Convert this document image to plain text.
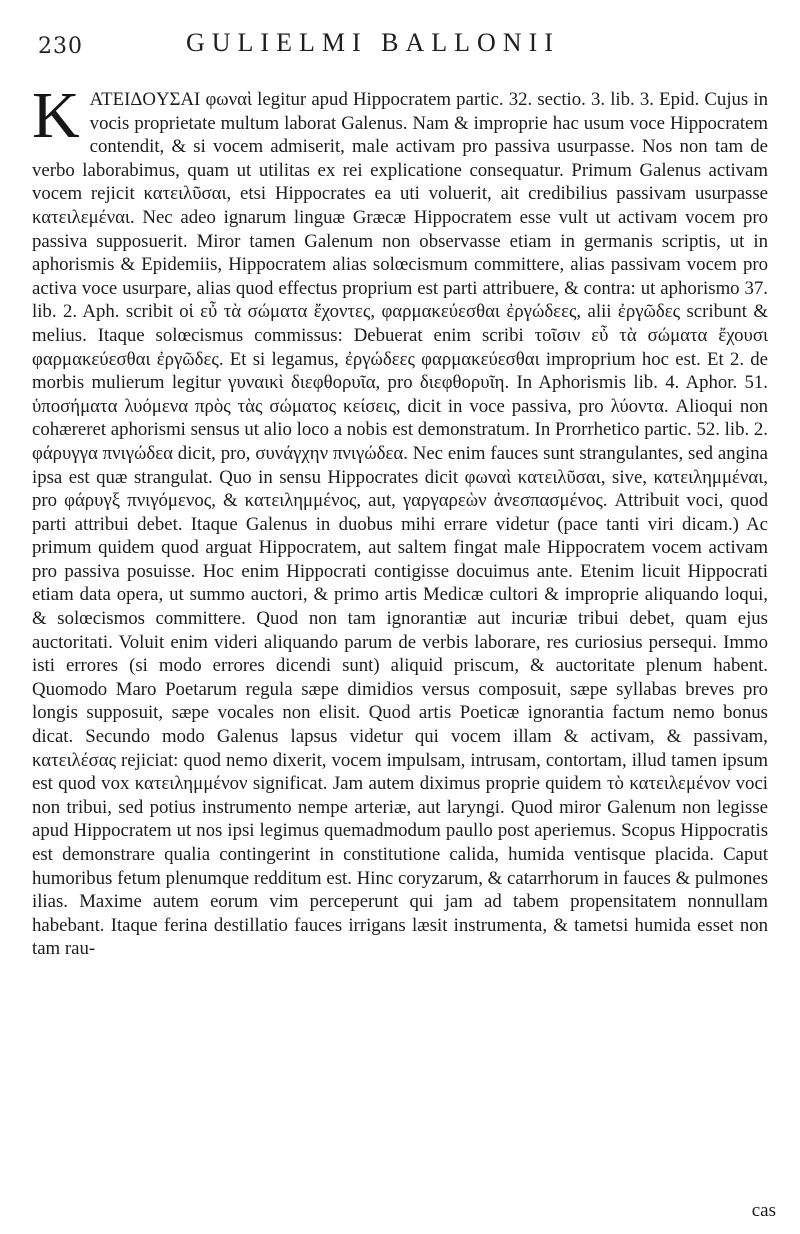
230	GULIELMI BALLONII
K ATEIΔOYΣAI φωναὶ legitur apud Hippocratem partic. 32. sectio. 3. lib. 3. Epid. Cujus in vocis proprietate multum laborat Galenus. Nam & improprie hac usum voce Hippocratem contendit, & si vocem admiserit, male activam pro passiva usurpasse. Nos non tam de verbo laborabimus, quam ut utilitas ex rei explicatione consequatur. Primum Galenus activam vocem rejicit κατειλῦσαι, etsi Hippocrates ea uti voluerit, ait credibilius passivam usurpasse κατειλεμέναι. Nec adeo ignarum linguæ Græcæ Hippocratem esse vult ut activam vocem pro passiva supposuerit. Miror tamen Galenum non observasse etiam in germanis scriptis, ut in aphorismis & Epidemiis, Hippocratem alias solœcismum committere, alias passivam vocem pro activa voce usurpare, alias quod effectus proprium est parti attribuere, & contra: ut aphorismo 37. lib. 2. Aph. scribit οἱ εὖ τὰ σώματα ἔχοντες, φαρμακεύεσθαι ἐργώδεες, alii ἐργῶδες scribunt & melius. Itaque solœcismus commissus: Debuerat enim scribi τοῖσιν εὖ τὰ σώματα ἔχουσι φαρμακεύεσθαι ἐργῶδες. Et si legamus, ἐργώδεες φαρμακεύεσθαι improprium hoc est. Et 2. de morbis mulierum legitur γυναικὶ διεφθορυῖα, pro διεφθορυῖη. In Aphorismis lib. 4. Aphor. 51. ὑποσήματα λυόμενα πρὸς τὰς σώματος κείσεις, dicit in voce passiva, pro λύοντα. Alioqui non cohæreret aphorismi sensus ut alio loco a nobis est demonstratum. In Prorrhetico partic. 52. lib. 2. φάρυγγα πνιγώδεα dicit, pro, συνάγχην πνιγώδεα. Nec enim fauces sunt strangulantes, sed angina ipsa est quæ strangulat. Quo in sensu Hippocrates dicit φωναὶ κατειλῦσαι, sive, κατειλημμέναι, pro φάρυγξ πνιγόμενος, & κατειλημμένος, aut, γαργαρεὼν ἀνεσπασμένος. Attribuit voci, quod parti attribui debet. Itaque Galenus in duobus mihi errare videtur (pace tanti viri dicam.) Ac primum quidem quod arguat Hippocratem, aut saltem fingat male Hippocratem vocem activam pro passiva posuisse. Hoc enim Hippocrati contigisse docuimus ante. Etenim licuit Hippocrati etiam data opera, ut summo auctori, & primo artis Medicæ cultori & improprie aliquando loqui, & solœcismos committere. Quod non tam ignorantiæ aut incuriæ tribui debet, quam ejus auctoritati. Voluit enim videri aliquando parum de verbis laborare, res curiosius persequi. Immo isti errores (si modo errores dicendi sunt) aliquid priscum, & auctoritate plenum habent. Quomodo Maro Poetarum regula sæpe dimidios versus composuit, sæpe syllabas breves pro longis supposuit, sæpe vocales non elisit. Quod artis Poeticæ ignorantia factum nemo bonus dicat. Secundo modo Galenus lapsus videtur qui vocem illam & activam, & passivam, κατειλέσας rejiciat: quod nemo dixerit, vocem impulsam, intrusam, contortam, illud tamen ipsum est quod vox κατειλημμένον significat. Jam autem diximus proprie quidem τὸ κατειλεμένον voci non tribui, sed potius instrumento nempe arteriæ, aut laryngi. Quod miror Galenum non legisse apud Hippocratem ut nos ipsi legimus quemadmodum paullo post aperiemus. Scopus Hippocratis est demonstrare qualia contingerint in constitutione calida, humida ventisque placida. Caput humoribus fetum plenumque redditum est. Hinc coryzarum, & catarrhorum in fauces & pulmones ilias. Maxime autem eorum vim perceperunt qui jam ad tabem propensitatem nonnullam habebant. Itaque ferina destillatio fauces irrigans læsit instrumenta, & tametsi humida esset non tam rau-

cas
